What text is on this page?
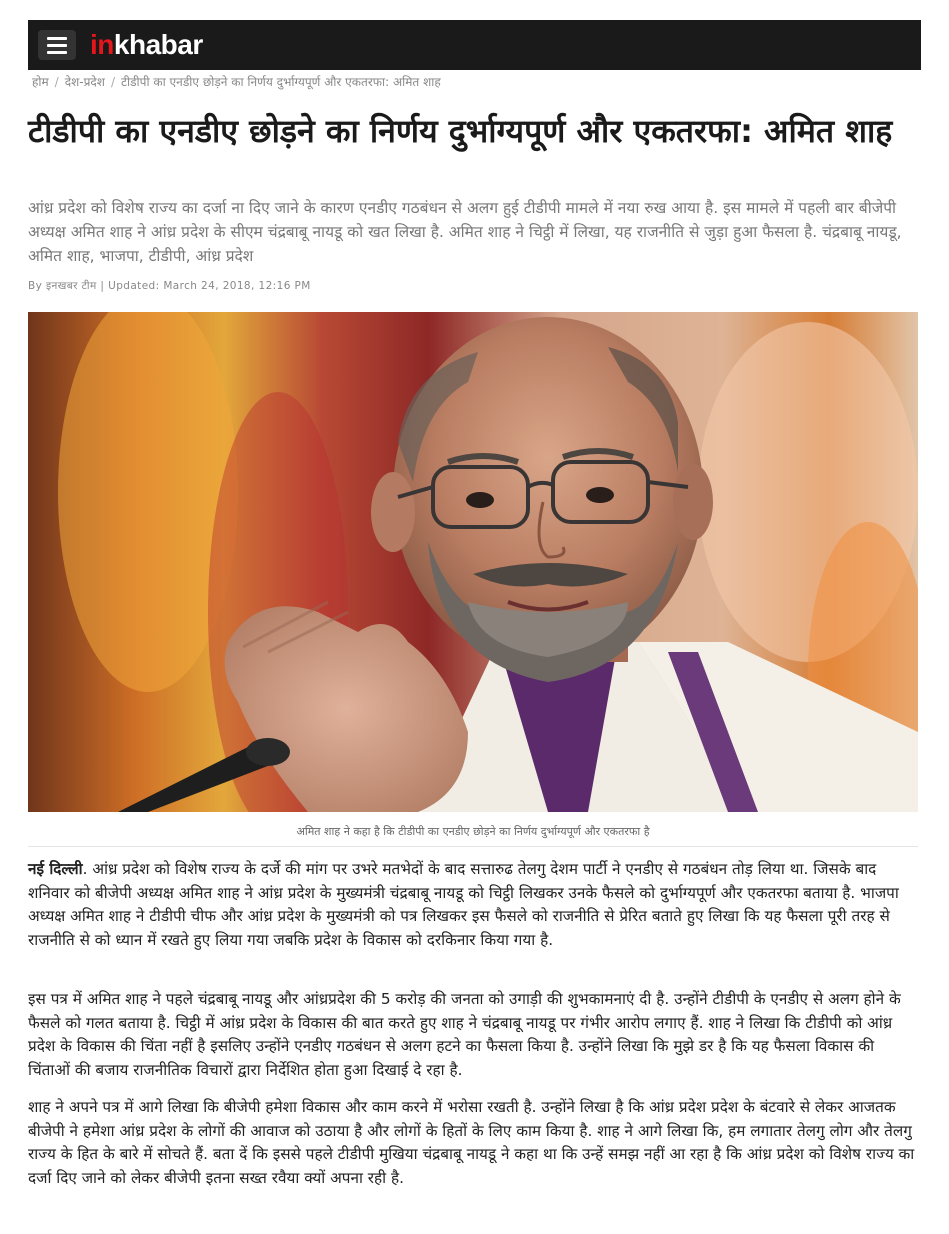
inkhabar
होम / देश-प्रदेश / टीडीपी का एनडीए छोड़ने का निर्णय दुर्भाग्यपूर्ण और एकतरफा: अमित शाह
टीडीपी का एनडीए छोड़ने का निर्णय दुर्भाग्यपूर्ण और एकतरफा: अमित शाह

आंध्र प्रदेश को विशेष राज्य का दर्जा ना दिए जाने के कारण एनडीए गठबंधन से अलग हुई टीडीपी मामले में नया रुख आया है. इस मामले में पहली बार बीजेपी अध्यक्ष अमित शाह ने आंध्र प्रदेश के सीएम चंद्रबाबू नायडू को खत लिखा है. अमित शाह ने चिट्ठी में लिखा, यह राजनीति से जुड़ा हुआ फैसला है. चंद्रबाबू नायडू, अमित शाह, भाजपा, टीडीपी, आंध्र प्रदेश

By इनखबर टीम | Updated: March 24, 2018, 12:16 PM

अमित शाह ने कहा है कि टीडीपी का एनडीए छोड़ने का निर्णय दुर्भाग्यपूर्ण और एकतरफा है

नई दिल्ली. आंध्र प्रदेश को विशेष राज्य के दर्जे की मांग पर उभरे मतभेदों के बाद सत्तारुढ तेलगु देशम पार्टी ने एनडीए से गठबंधन तोड़ लिया था. जिसके बाद शनिवार को बीजेपी अध्यक्ष अमित शाह ने आंध्र प्रदेश के मुख्यमंत्री चंद्रबाबू नायडू को चिट्ठी लिखकर उनके फैसले को दुर्भाग्यपूर्ण और एकतरफा बताया है. भाजपा अध्यक्ष अमित शाह ने टीडीपी चीफ और आंध्र प्रदेश के मुख्यमंत्री को पत्र लिखकर इस फैसले को राजनीति से प्रेरित बताते हुए लिखा कि यह फैसला पूरी तरह से राजनीति से को ध्यान में रखते हुए लिया गया जबकि प्रदेश के विकास को दरकिनार किया गया है.

इस पत्र में अमित शाह ने पहले चंद्रबाबू नायडू और आंध्रप्रदेश की 5 करोड़ की जनता को उगाड़ी की शुभकामनाएं दी है. उन्होंने टीडीपी के एनडीए से अलग होने के फैसले को गलत बताया है. चिट्ठी में आंध्र प्रदेश के विकास की बात करते हुए शाह ने चंद्रबाबू नायडू पर गंभीर आरोप लगाए हैं. शाह ने लिखा कि टीडीपी को आंध्र प्रदेश के विकास की चिंता नहीं है इसलिए उन्होंने एनडीए गठबंधन से अलग हटने का फैसला किया है. उन्होंने लिखा कि मुझे डर है कि यह फैसला विकास की चिंताओं की बजाय राजनीतिक विचारों द्वारा निर्देशित होता हुआ दिखाई दे रहा है.

शाह ने अपने पत्र में आगे लिखा कि बीजेपी हमेशा विकास और काम करने में भरोसा रखती है. उन्होंने लिखा है कि आंध्र प्रदेश प्रदेश के बंटवारे से लेकर आजतक बीजेपी ने हमेशा आंध्र प्रदेश के लोगों की आवाज को उठाया है और लोगों के हितों के लिए काम किया है. शाह ने आगे लिखा कि, हम लगातार तेलगु लोग और तेलगु राज्य के हित के बारे में सोचते हैं. बता दें कि इससे पहले टीडीपी मुखिया चंद्रबाबू नायडू ने कहा था कि उन्हें समझ नहीं आ रहा है कि आंध्र प्रदेश को विशेष राज्य का दर्जा दिए जाने को लेकर बीजेपी इतना सख्त रवैया क्यों अपना रही है.
